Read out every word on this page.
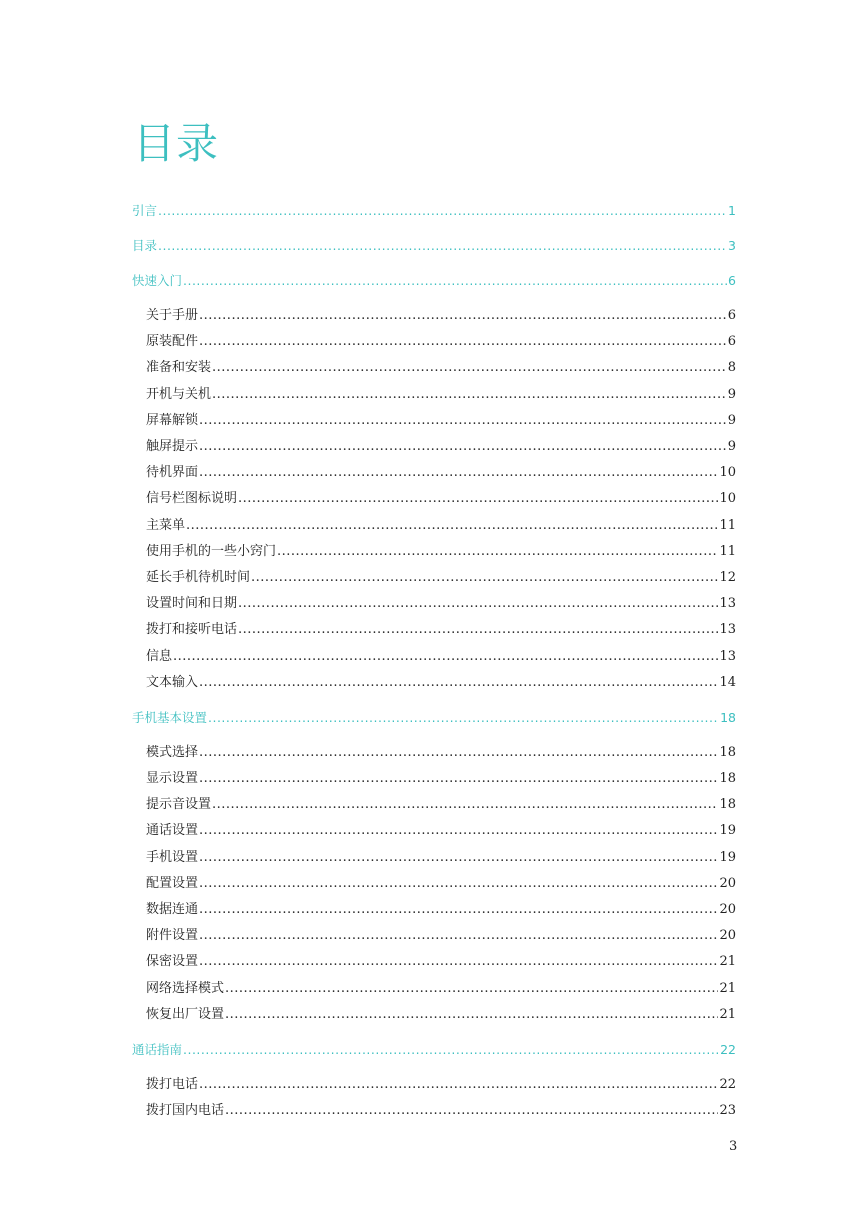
目录
引言 .....	1
目录 .....	3
快速入门 .....	6
关于手册 .....	6
原装配件 .....	6
准备和安装 .....	8
开机与关机 .....	9
屏幕解锁 .....	9
触屏提示 .....	9
待机界面 .....	10
信号栏图标说明 .....	10
主菜单 .....	11
使用手机的一些小窍门 .....	11
延长手机待机时间 .....	12
设置时间和日期 .....	13
拨打和接听电话 .....	13
信息 .....	13
文本输入 .....	14
手机基本设置 .....	18
模式选择 .....	18
显示设置 .....	18
提示音设置 .....	18
通话设置 .....	19
手机设置 .....	19
配置设置 .....	20
数据连通 .....	20
附件设置 .....	20
保密设置 .....	21
网络选择模式 .....	21
恢复出厂设置 .....	21
通话指南 .....	22
拨打电话 .....	22
拨打国内电话 .....	23
3
